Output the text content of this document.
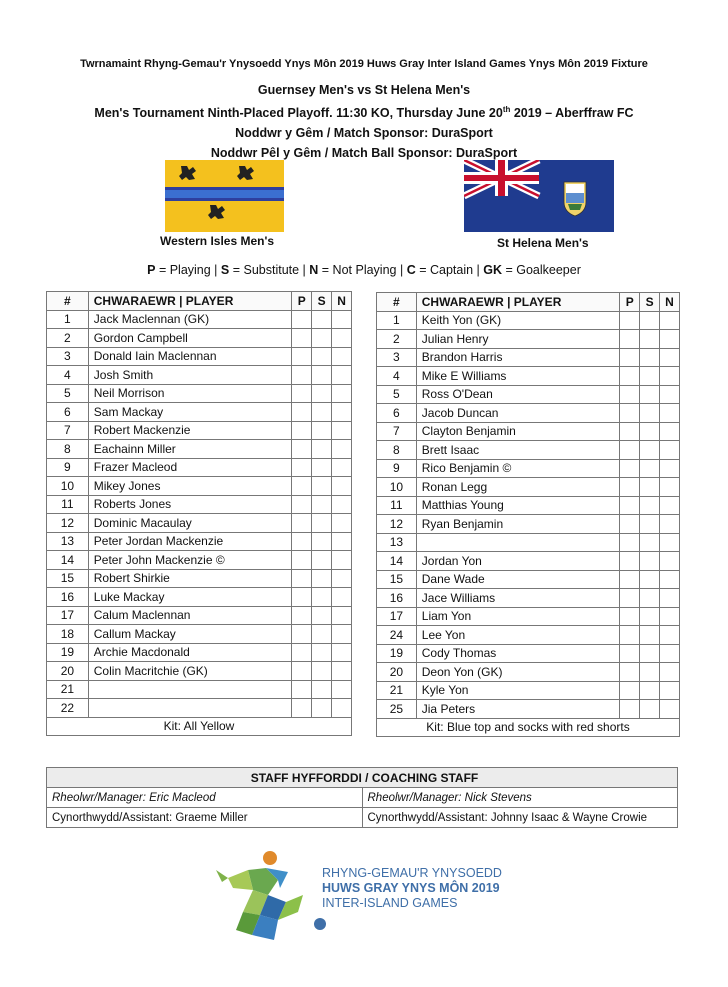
Twrnamaint Rhyng-Gemau'r Ynysoedd Ynys Môn 2019 Huws Gray Inter Island Games Ynys Môn 2019 Fixture
Guernsey Men's vs St Helena Men's
Men's Tournament Ninth-Placed Playoff. 11:30 KO, Thursday June 20th 2019 – Aberffraw FC
Noddwr y Gêm / Match Sponsor: DuraSport
Noddwr Pêl y Gêm / Match Ball Sponsor: DuraSport
Western Isles Men's	St Helena Men's
P = Playing | S = Substitute | N = Not Playing | C = Captain | GK = Goalkeeper
#	CHWARAEWR | PLAYER	P	S	N
1	Jack Maclennan (GK)			
2	Gordon Campbell			
3	Donald Iain Maclennan			
4	Josh Smith			
5	Neil Morrison			
6	Sam Mackay			
7	Robert Mackenzie			
8	Eachainn Miller			
9	Frazer Macleod			
10	Mikey Jones			
11	Roberts Jones			
12	Dominic Macaulay			
13	Peter Jordan Mackenzie			
14	Peter John Mackenzie ©			
15	Robert Shirkie			
16	Luke Mackay			
17	Calum Maclennan			
18	Callum Mackay			
19	Archie Macdonald			
20	Colin Macritchie (GK)			
21				
22				
Kit: All Yellow				
#	CHWARAEWR | PLAYER	P	S	N
1	Keith Yon (GK)			
2	Julian Henry			
3	Brandon Harris			
4	Mike E Williams			
5	Ross O'Dean			
6	Jacob Duncan			
7	Clayton Benjamin			
8	Brett Isaac			
9	Rico Benjamin ©			
10	Ronan Legg			
11	Matthias Young			
12	Ryan Benjamin			
13				
14	Jordan Yon			
15	Dane Wade			
16	Jace Williams			
17	Liam Yon			
24	Lee Yon			
19	Cody Thomas			
20	Deon Yon (GK)			
21	Kyle Yon			
25	Jia Peters			
Kit: Blue top and socks with red shorts				
STAFF HYFFORDDI / COACHING STAFF	
Rheolwr/Manager: Eric Macleod	Rheolwr/Manager: Nick Stevens
Cynorthwydd/Assistant: Graeme Miller	Cynorthwydd/Assistant: Johnny Isaac & Wayne Crowie
RHYNG-GEMAU'R YNYSOEDD
HUWS GRAY YNYS MÔN 2019
INTER-ISLAND GAMES
